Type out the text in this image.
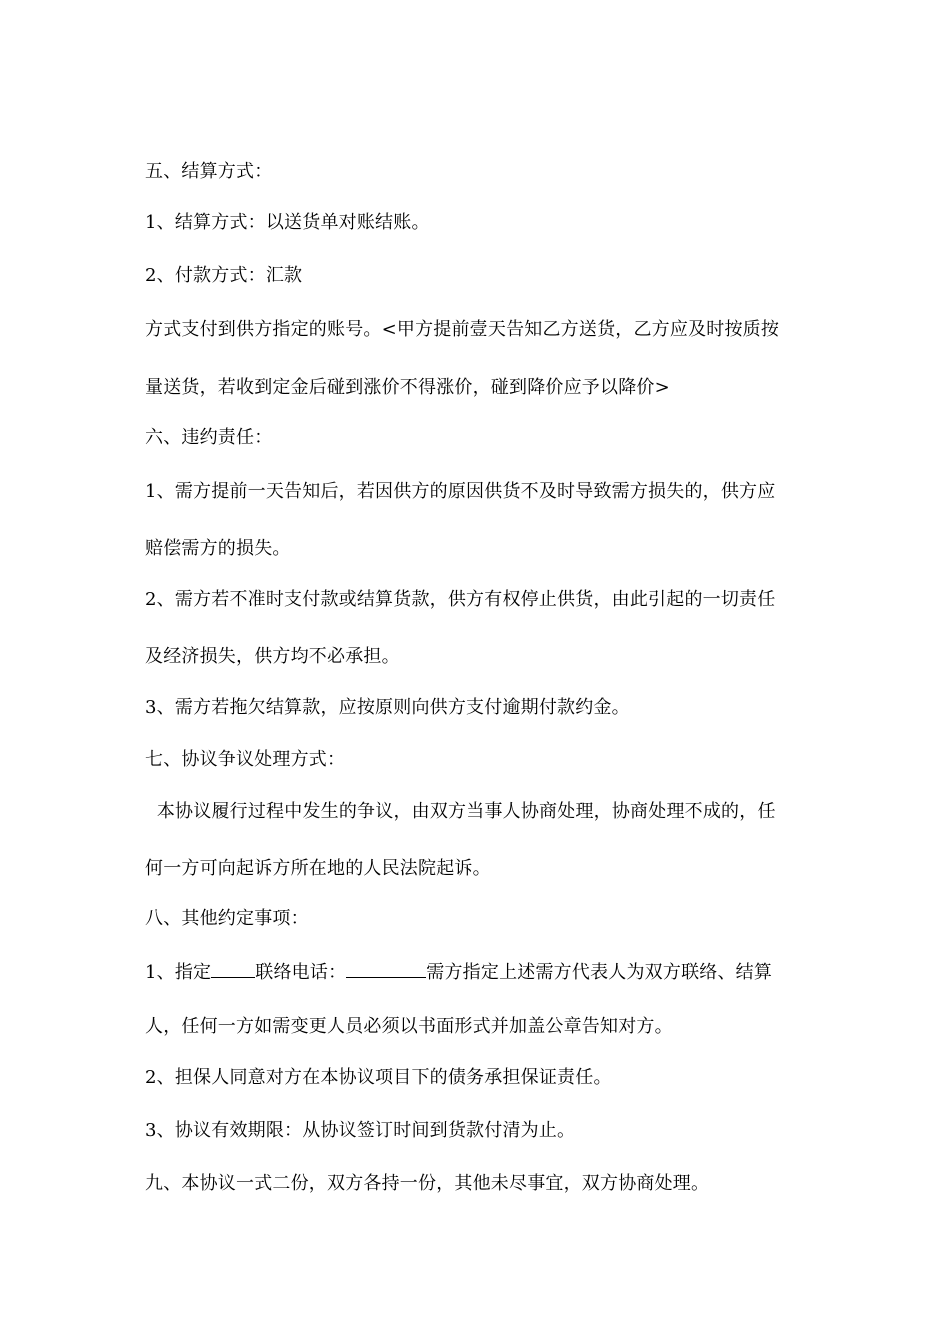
五、结算方式：
1、结算方式：以送货单对账结账。
2、付款方式：汇款
方式支付到供方指定的账号。<甲方提前壹天告知乙方送货，乙方应及时按质按
量送货，若收到定金后碰到涨价不得涨价，碰到降价应予以降价>
六、违约责任：
1、需方提前一天告知后，若因供方的原因供货不及时导致需方损失的，供方应
赔偿需方的损失。
2、需方若不准时支付款或结算货款，供方有权停止供货，由此引起的一切责任
及经济损失，供方均不必承担。
3、需方若拖欠结算款，应按原则向供方支付逾期付款约金。
七、协议争议处理方式：
本协议履行过程中发生的争议，由双方当事人协商处理，协商处理不成的，任
何一方可向起诉方所在地的人民法院起诉。
八、其他约定事项：
1、指定 联络电话：	需方指定上述需方代表人为双方联络、结算
人，任何一方如需变更人员必须以书面形式并加盖公章告知对方。
2、担保人同意对方在本协议项目下的债务承担保证责任。
3、协议有效期限：从协议签订时间到货款付清为止。
九、本协议一式二份，双方各持一份，其他未尽事宜，双方协商处理。
